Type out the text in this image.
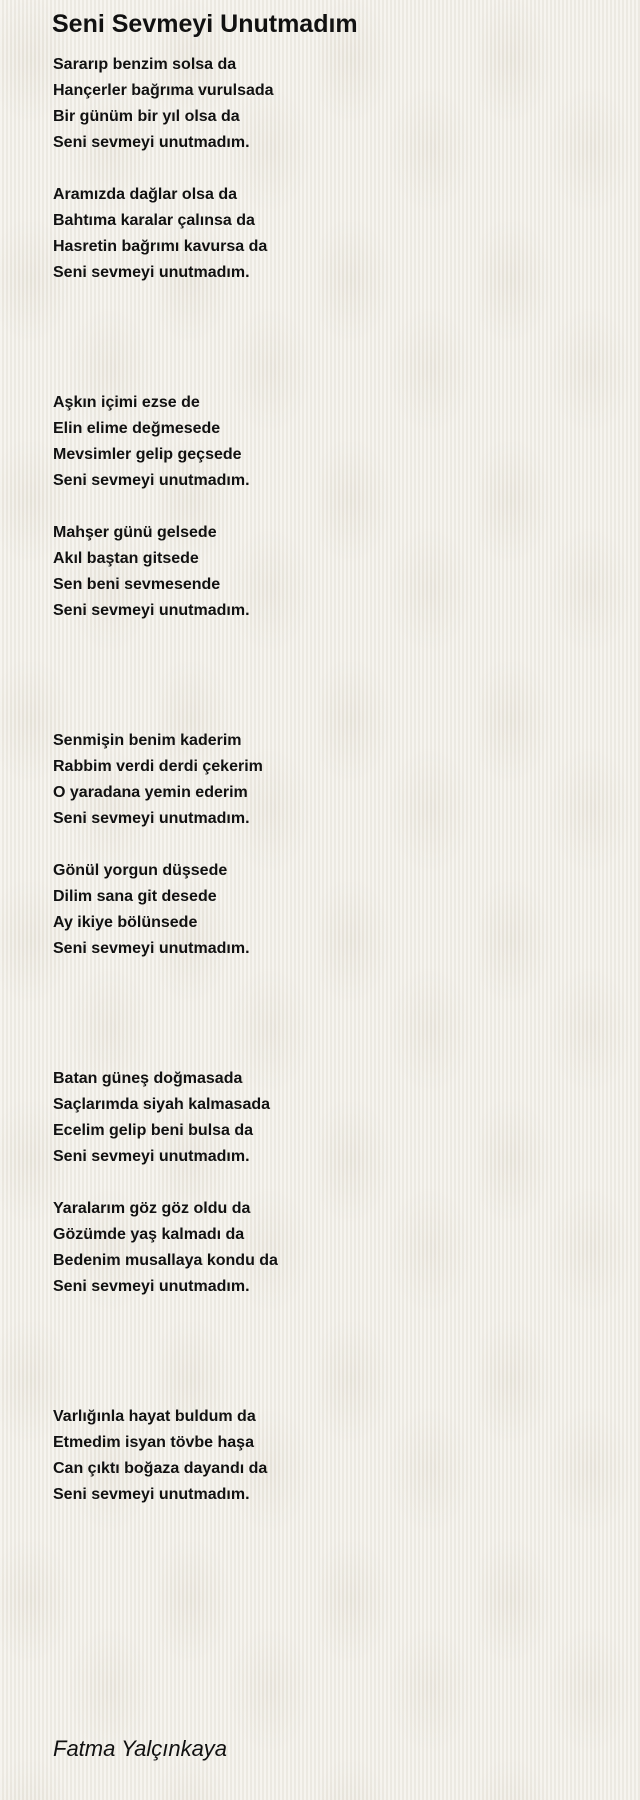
Seni Sevmeyi Unutmadım
Sararıp benzim solsa da
Hançerler bağrıma vurulsada
Bir günüm bir yıl olsa da
Seni sevmeyi unutmadım.
Aramızda dağlar olsa da
Bahtıma karalar çalınsa da
Hasretin bağrımı kavursa da
Seni sevmeyi unutmadım.
Aşkın içimi ezse de
Elin elime değmesede
Mevsimler gelip geçsede
Seni sevmeyi unutmadım.
Mahşer günü gelsede
Akıl baştan gitsede
Sen beni sevmesende
Seni sevmeyi unutmadım.
Senmişin benim kaderim
Rabbim verdi derdi çekerim
O yaradana yemin ederim
Seni sevmeyi unutmadım.
Gönül yorgun düşsede
Dilim sana git desede
Ay ikiye bölünsede
Seni sevmeyi unutmadım.
Batan güneş doğmasada
Saçlarımda siyah kalmasada
Ecelim gelip beni bulsa da
Seni sevmeyi unutmadım.
Yaralarım göz göz oldu da
Gözümde yaş kalmadı da
Bedenim musallaya kondu da
Seni sevmeyi unutmadım.
Varlığınla hayat buldum da
Etmedim isyan tövbe haşa
Can çıktı boğaza dayandı da
Seni sevmeyi unutmadım.

Fatma Yalçınkaya
